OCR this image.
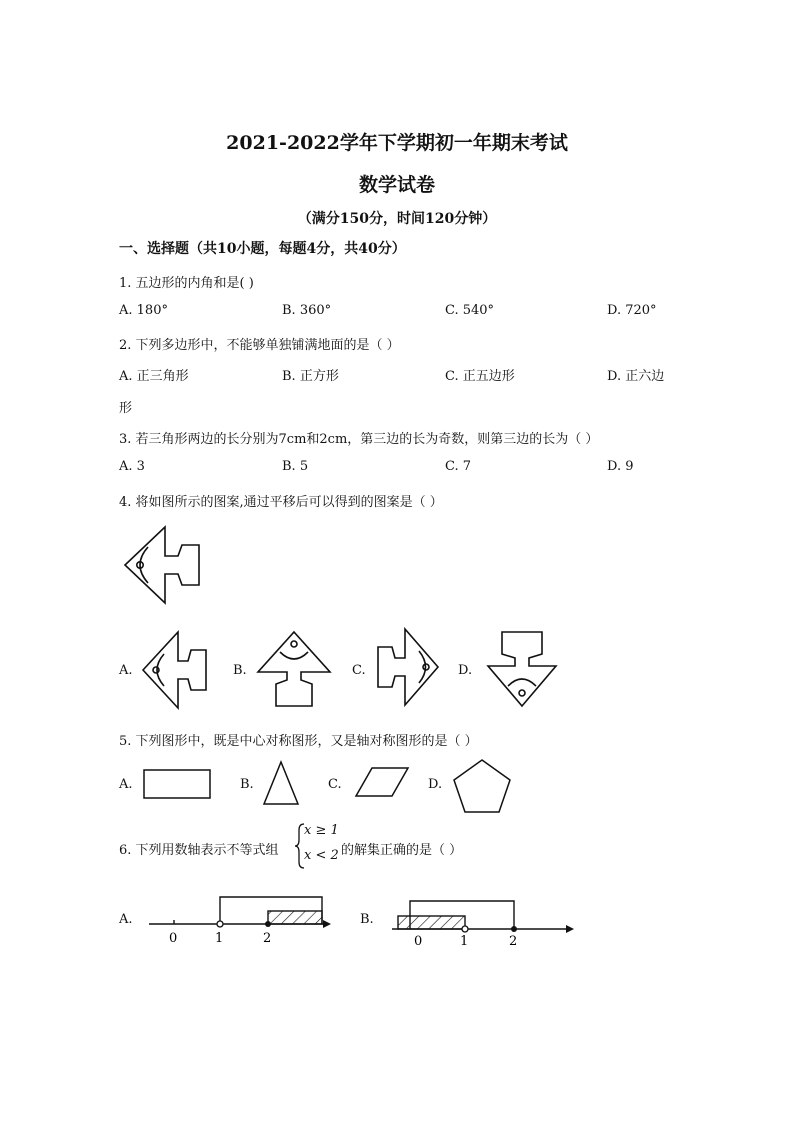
2021-2022学年下学期初一年期末考试
数学试卷
（满分150分，时间120分钟）
一、选择题（共10小题，每题4分，共40分）
1. 五边形的内角和是( )
A. 180°	B. 360°	C. 540°	D. 720°
2. 下列多边形中，不能够单独铺满地面的是（ ）
A. 正三角形	B. 正方形	C. 正五边形	D. 正六边
形
3. 若三角形两边的长分别为7cm和2cm，第三边的长为奇数，则第三边的长为（ ）
A. 3	B. 5	C. 7	D. 9
4. 将如图所示的图案,通过平移后可以得到的图案是（ ）
A.	B.	C.	D.
5. 下列图形中，既是中心对称图形，又是轴对称图形的是（ ）
A.	B.	C.	D.
6. 下列用数轴表示不等式组
x ≥ 1
x < 2 的解集正确的是（ ）
A.
0	1	2
B.
0	1	2
